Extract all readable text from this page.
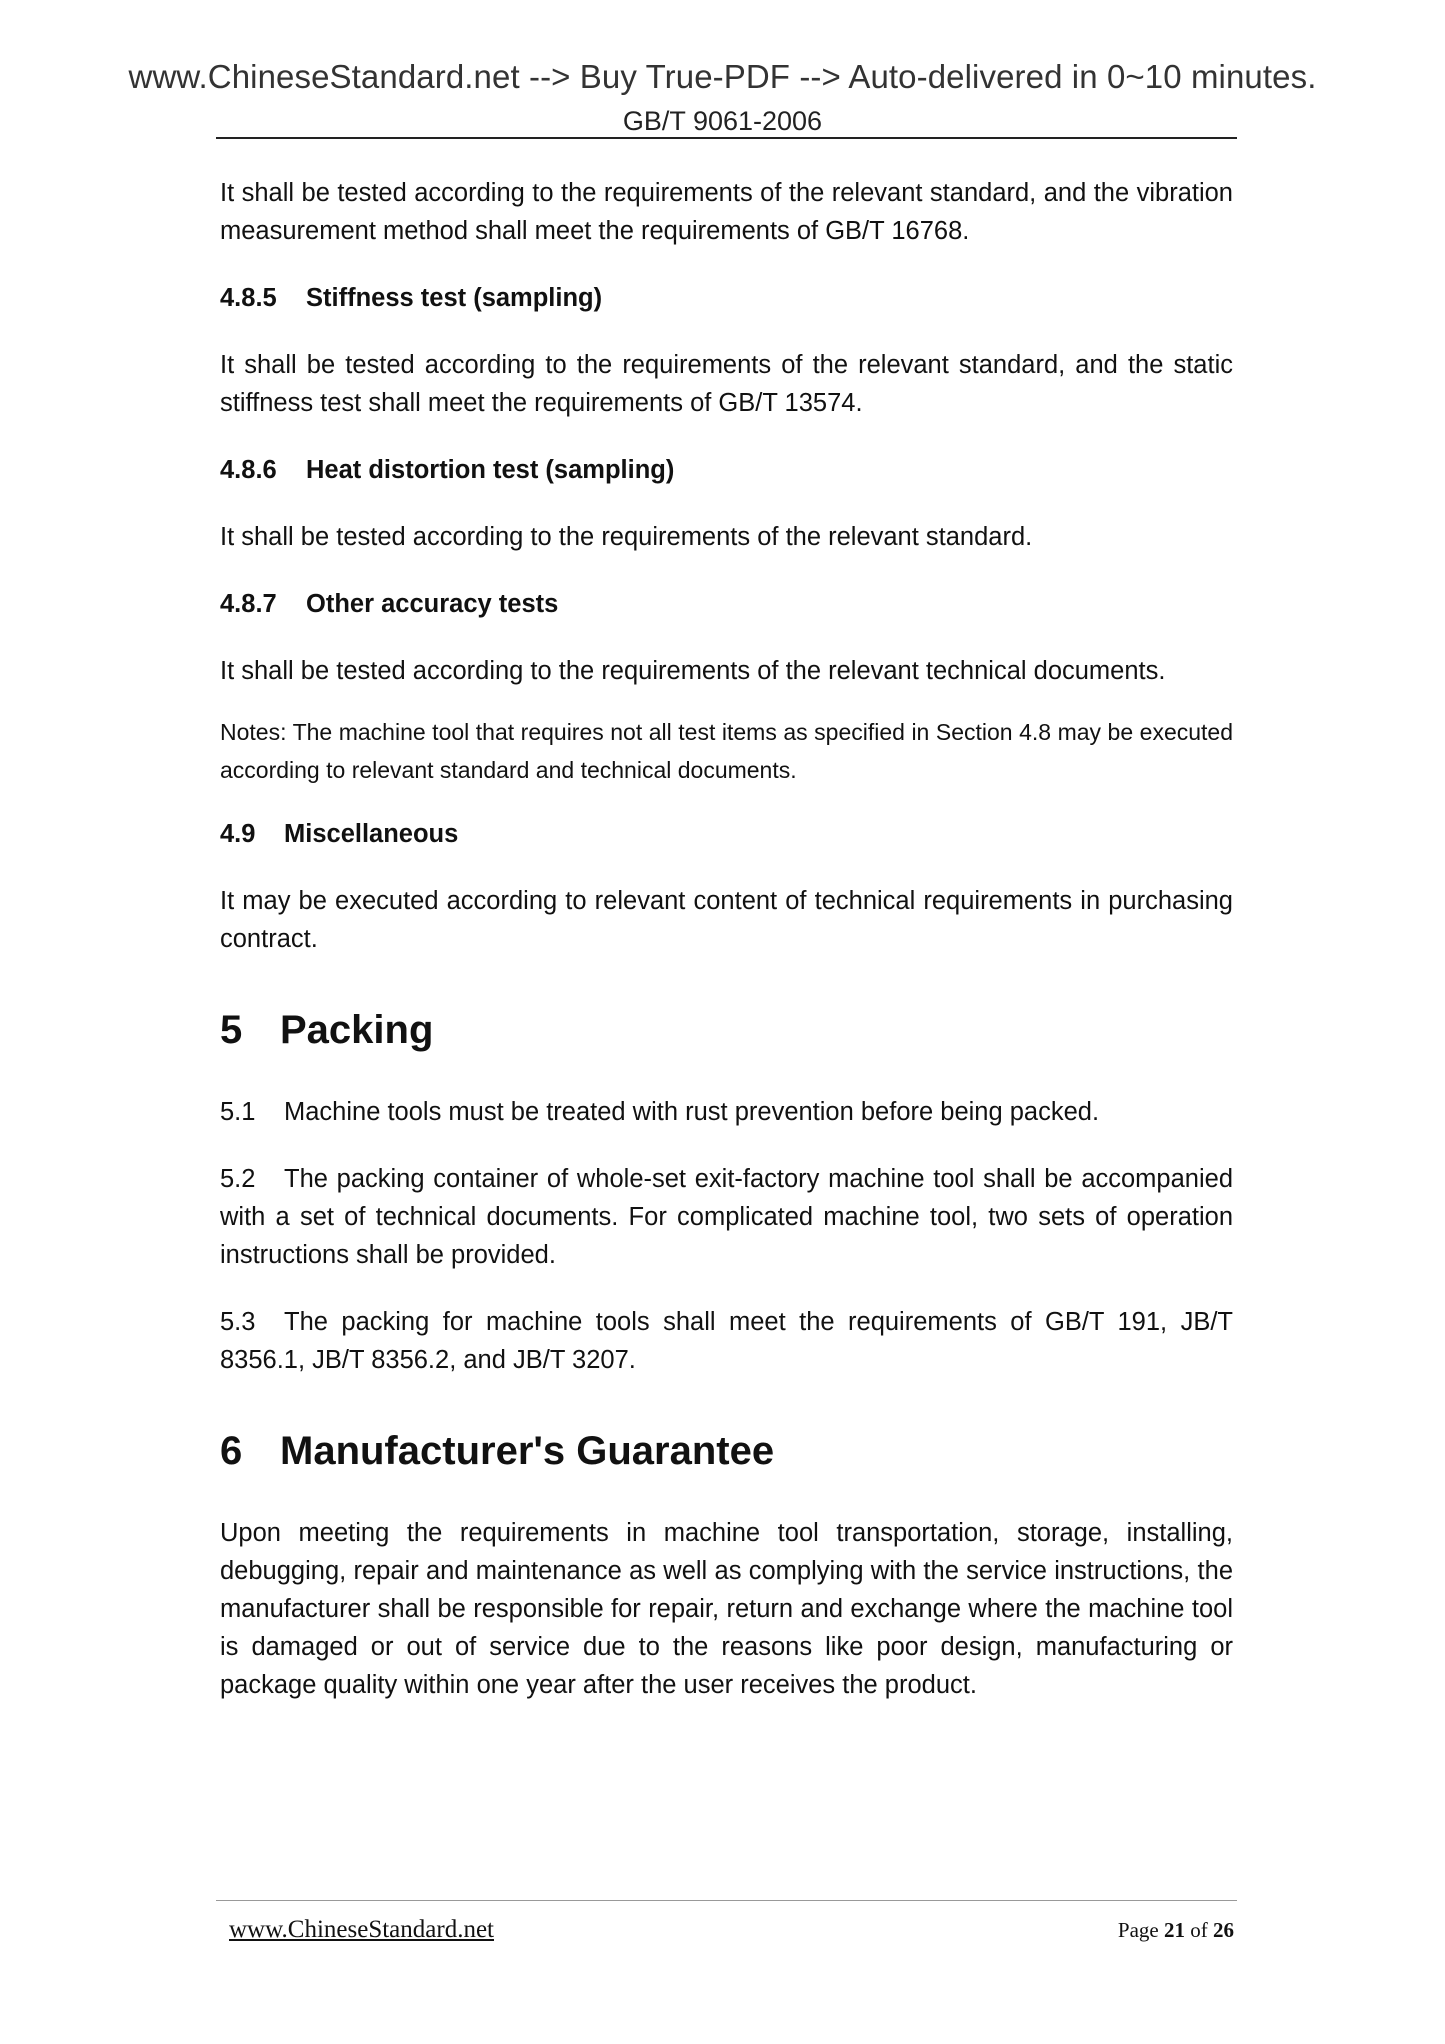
www.ChineseStandard.net --> Buy True-PDF --> Auto-delivered in 0~10 minutes.
GB/T 9061-2006

It shall be tested according to the requirements of the relevant standard, and the vibration measurement method shall meet the requirements of GB/T 16768.

4.8.5 Stiffness test (sampling)

It shall be tested according to the requirements of the relevant standard, and the static stiffness test shall meet the requirements of GB/T 13574.

4.8.6 Heat distortion test (sampling)

It shall be tested according to the requirements of the relevant standard.

4.8.7 Other accuracy tests

It shall be tested according to the requirements of the relevant technical documents.

Notes: The machine tool that requires not all test items as specified in Section 4.8 may be executed according to relevant standard and technical documents.

4.9 Miscellaneous

It may be executed according to relevant content of technical requirements in purchasing contract.

5 Packing

5.1 Machine tools must be treated with rust prevention before being packed.

5.2 The packing container of whole-set exit-factory machine tool shall be accompanied with a set of technical documents. For complicated machine tool, two sets of operation instructions shall be provided.

5.3 The packing for machine tools shall meet the requirements of GB/T 191, JB/T 8356.1, JB/T 8356.2, and JB/T 3207.

6 Manufacturer's Guarantee

Upon meeting the requirements in machine tool transportation, storage, installing, debugging, repair and maintenance as well as complying with the service instructions, the manufacturer shall be responsible for repair, return and exchange where the machine tool is damaged or out of service due to the reasons like poor design, manufacturing or package quality within one year after the user receives the product.

www.ChineseStandard.net	Page 21 of 26
